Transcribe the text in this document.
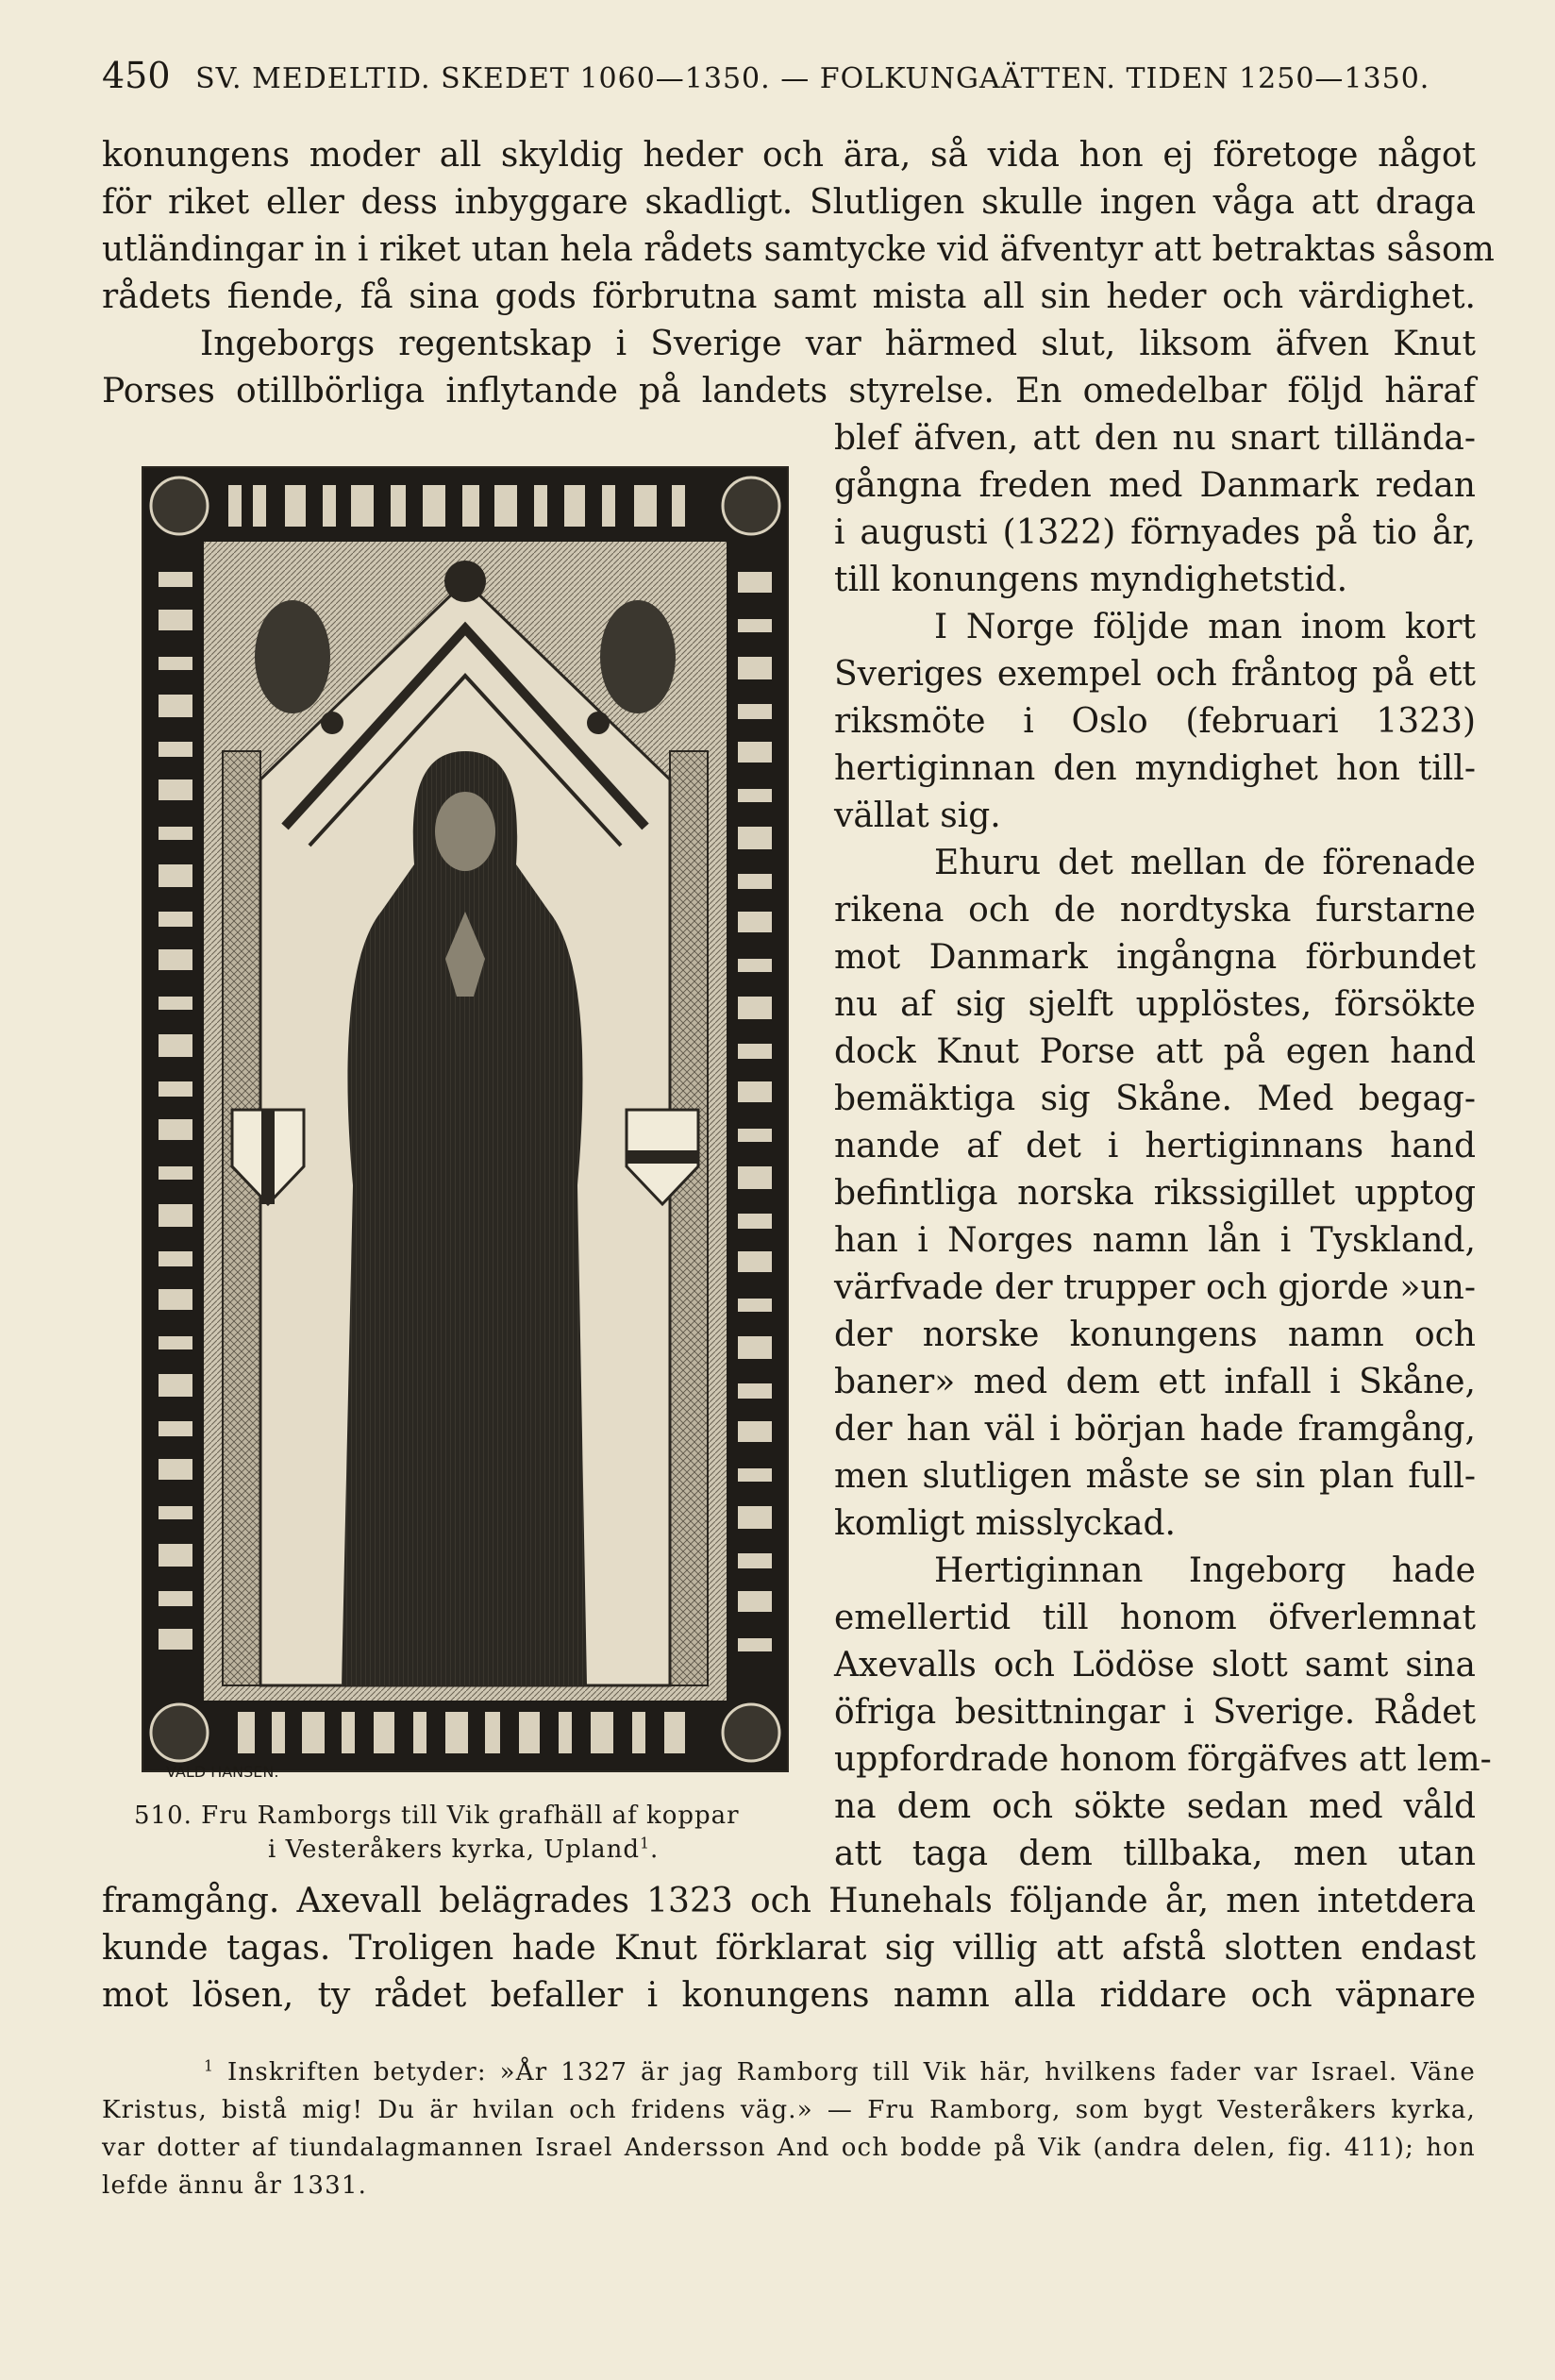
450 SV. MEDELTID. SKEDET 1060—1350. — FOLKUNGAÄTTEN. TIDEN 1250—1350.
konungens moder all skyldig heder och ära, så vida hon ej företoge något
för riket eller dess inbyggare skadligt. Slutligen skulle ingen våga att draga
utländingar in i riket utan hela rådets samtycke vid äfventyr att betraktas såsom
rådets fiende, få sina gods förbrutna samt mista all sin heder och värdighet.
Ingeborgs regentskap i Sverige var härmed slut, liksom äfven Knut
Porses otillbörliga inflytande på landets styrelse. En omedelbar följd häraf
blef äfven, att den nu snart tillända-
gångna freden med Danmark redan
i augusti (1322) förnyades på tio år,
till konungens myndighetstid.
I Norge följde man inom kort
Sveriges exempel och fråntog på ett
riksmöte i Oslo (februari 1323)
hertiginnan den myndighet hon till-
vällat sig.
Ehuru det mellan de förenade
rikena och de nordtyska furstarne
mot Danmark ingångna förbundet
nu af sig sjelft upplöstes, försökte
dock Knut Porse att på egen hand
bemäktiga sig Skåne. Med begag-
nande af det i hertiginnans hand
befintliga norska rikssigillet upptog
han i Norges namn lån i Tyskland,
värfvade der trupper och gjorde »un-
der norske konungens namn och
baner» med dem ett infall i Skåne,
der han väl i början hade framgång,
men slutligen måste se sin plan full-
komligt misslyckad.
Hertiginnan Ingeborg hade
emellertid till honom öfverlemnat
Axevalls och Lödöse slott samt sina
öfriga besittningar i Sverige. Rådet
uppfordrade honom förgäfves att lem-
na dem och sökte sedan med våld
att taga dem tillbaka, men utan
framgång. Axevall belägrades 1323 och Hunehals följande år, men intetdera
kunde tagas. Troligen hade Knut förklarat sig villig att afstå slotten endast
mot lösen, ty rådet befaller i konungens namn alla riddare och väpnare
VALD HANSEN.
510. Fru Ramborgs till Vik grafhäll af koppar
i Vesteråkers kyrka, Upland$^1$.
$^1$ Inskriften betyder: »År 1327 är jag Ramborg till Vik här, hvilkens fader var Israel. Väne
Kristus, bistå mig! Du är hvilan och fridens väg.» — Fru Ramborg, som bygt Vesteråkers kyrka,
var dotter af tiundalagmannen Israel Andersson And och bodde på Vik (andra delen, fig. 411); hon
lefde ännu år 1331.
